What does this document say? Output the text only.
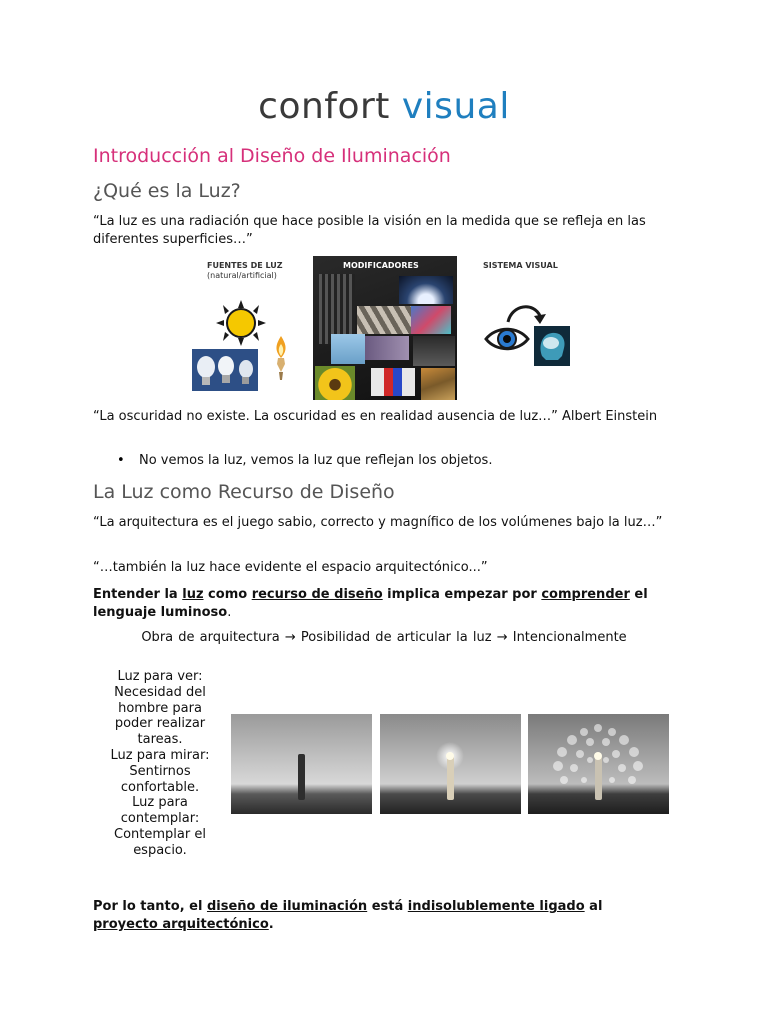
confort visual
Introducción al Diseño de Iluminación
¿Qué es la Luz?
“La luz es una radiación que hace posible la visión en la medida que se refleja en las diferentes superficies…”
FUENTES DE LUZ
(natural/artificial)
MODIFICADORES	SISTEMA VISUAL
“La oscuridad no existe. La oscuridad es en realidad ausencia de luz…” Albert Einstein
• No vemos la luz, vemos la luz que reflejan los objetos.
La Luz como Recurso de Diseño
“La arquitectura es el juego sabio, correcto y magnífico de los volúmenes bajo la luz…”
“…también la luz hace evidente el espacio arquitectónico...”
Entender la luz como recurso de diseño implica empezar por comprender el lenguaje luminoso.
Obra de arquitectura → Posibilidad de articular la luz → Intencionalmente
Luz para ver:
Necesidad del
hombre para
poder realizar
tareas.
Luz para mirar:
Sentirnos
confortable.
Luz para
contemplar:
Contemplar el
espacio.
Por lo tanto, el diseño de iluminación está indisolublemente ligado al proyecto arquitectónico.
